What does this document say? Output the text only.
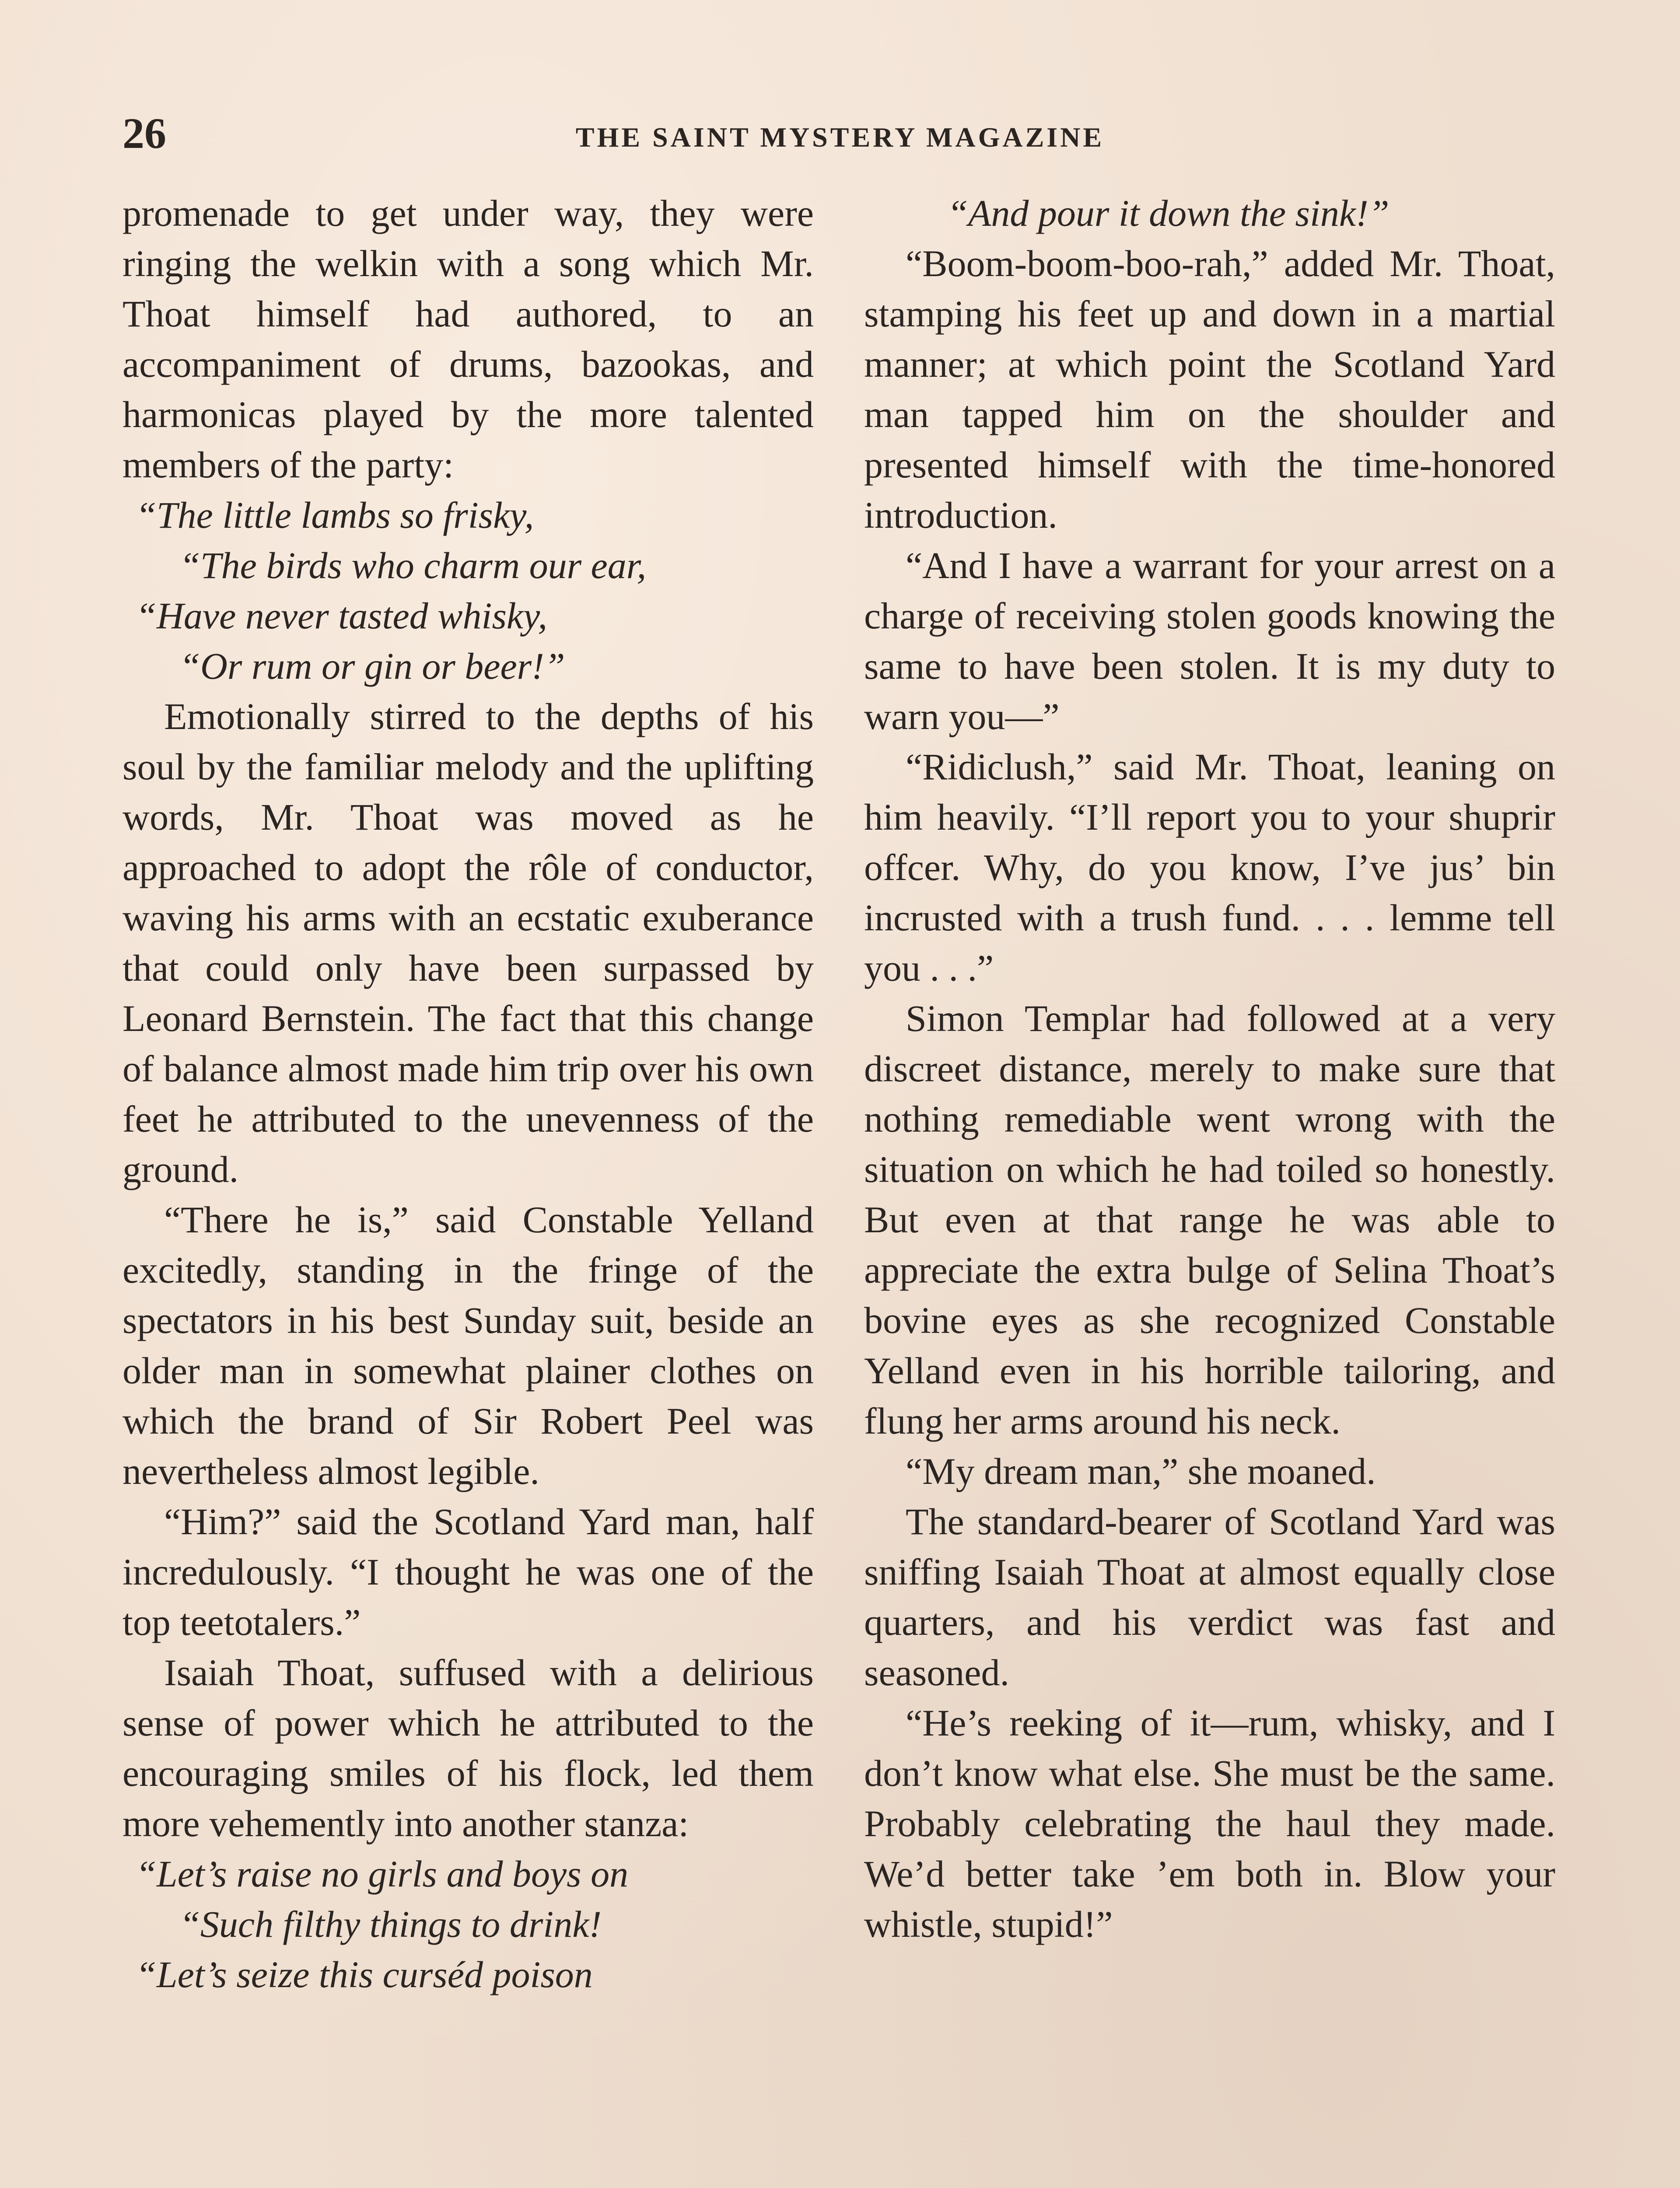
26	THE SAINT MYSTERY MAGAZINE

promenade to get under way, they were ringing the welkin with a song which Mr. Thoat himself had authored, to an accompaniment of drums, bazookas, and harmonicas played by the more talented members of the party:

“The little lambs so frisky,
“The birds who charm our ear,
“Have never tasted whisky,
“Or rum or gin or beer!”

Emotionally stirred to the depths of his soul by the familiar melody and the uplifting words, Mr. Thoat was moved as he approached to adopt the rôle of conductor, waving his arms with an ecstatic exuberance that could only have been surpassed by Leonard Bernstein. The fact that this change of balance almost made him trip over his own feet he attributed to the unevenness of the ground.

“There he is,” said Constable Yelland excitedly, standing in the fringe of the spectators in his best Sunday suit, beside an older man in somewhat plainer clothes on which the brand of Sir Robert Peel was nevertheless almost legible.

“Him?” said the Scotland Yard man, half incredulously. “I thought he was one of the top teetotalers.”

Isaiah Thoat, suffused with a delirious sense of power which he attributed to the encouraging smiles of his flock, led them more vehemently into another stanza:

“Let’s raise no girls and boys on
“Such filthy things to drink!
“Let’s seize this curséd poison
“And pour it down the sink!”

“Boom-boom-boo-rah,” added Mr. Thoat, stamping his feet up and down in a martial manner; at which point the Scotland Yard man tapped him on the shoulder and presented himself with the time-honored introduction.

“And I have a warrant for your arrest on a charge of receiving stolen goods knowing the same to have been stolen. It is my duty to warn you—”

“Ridiclush,” said Mr. Thoat, leaning on him heavily. “I’ll report you to your shuprir offcer. Why, do you know, I’ve jus’ bin incrusted with a trush fund. . . . lemme tell you . . .”

Simon Templar had followed at a very discreet distance, merely to make sure that nothing remediable went wrong with the situation on which he had toiled so honestly. But even at that range he was able to appreciate the extra bulge of Selina Thoat’s bovine eyes as she recognized Constable Yelland even in his horrible tailoring, and flung her arms around his neck.

“My dream man,” she moaned.

The standard-bearer of Scotland Yard was sniffing Isaiah Thoat at almost equally close quarters, and his verdict was fast and seasoned.

“He’s reeking of it—rum, whisky, and I don’t know what else. She must be the same. Probably celebrating the haul they made. We’d better take ’em both in. Blow your whistle, stupid!”
